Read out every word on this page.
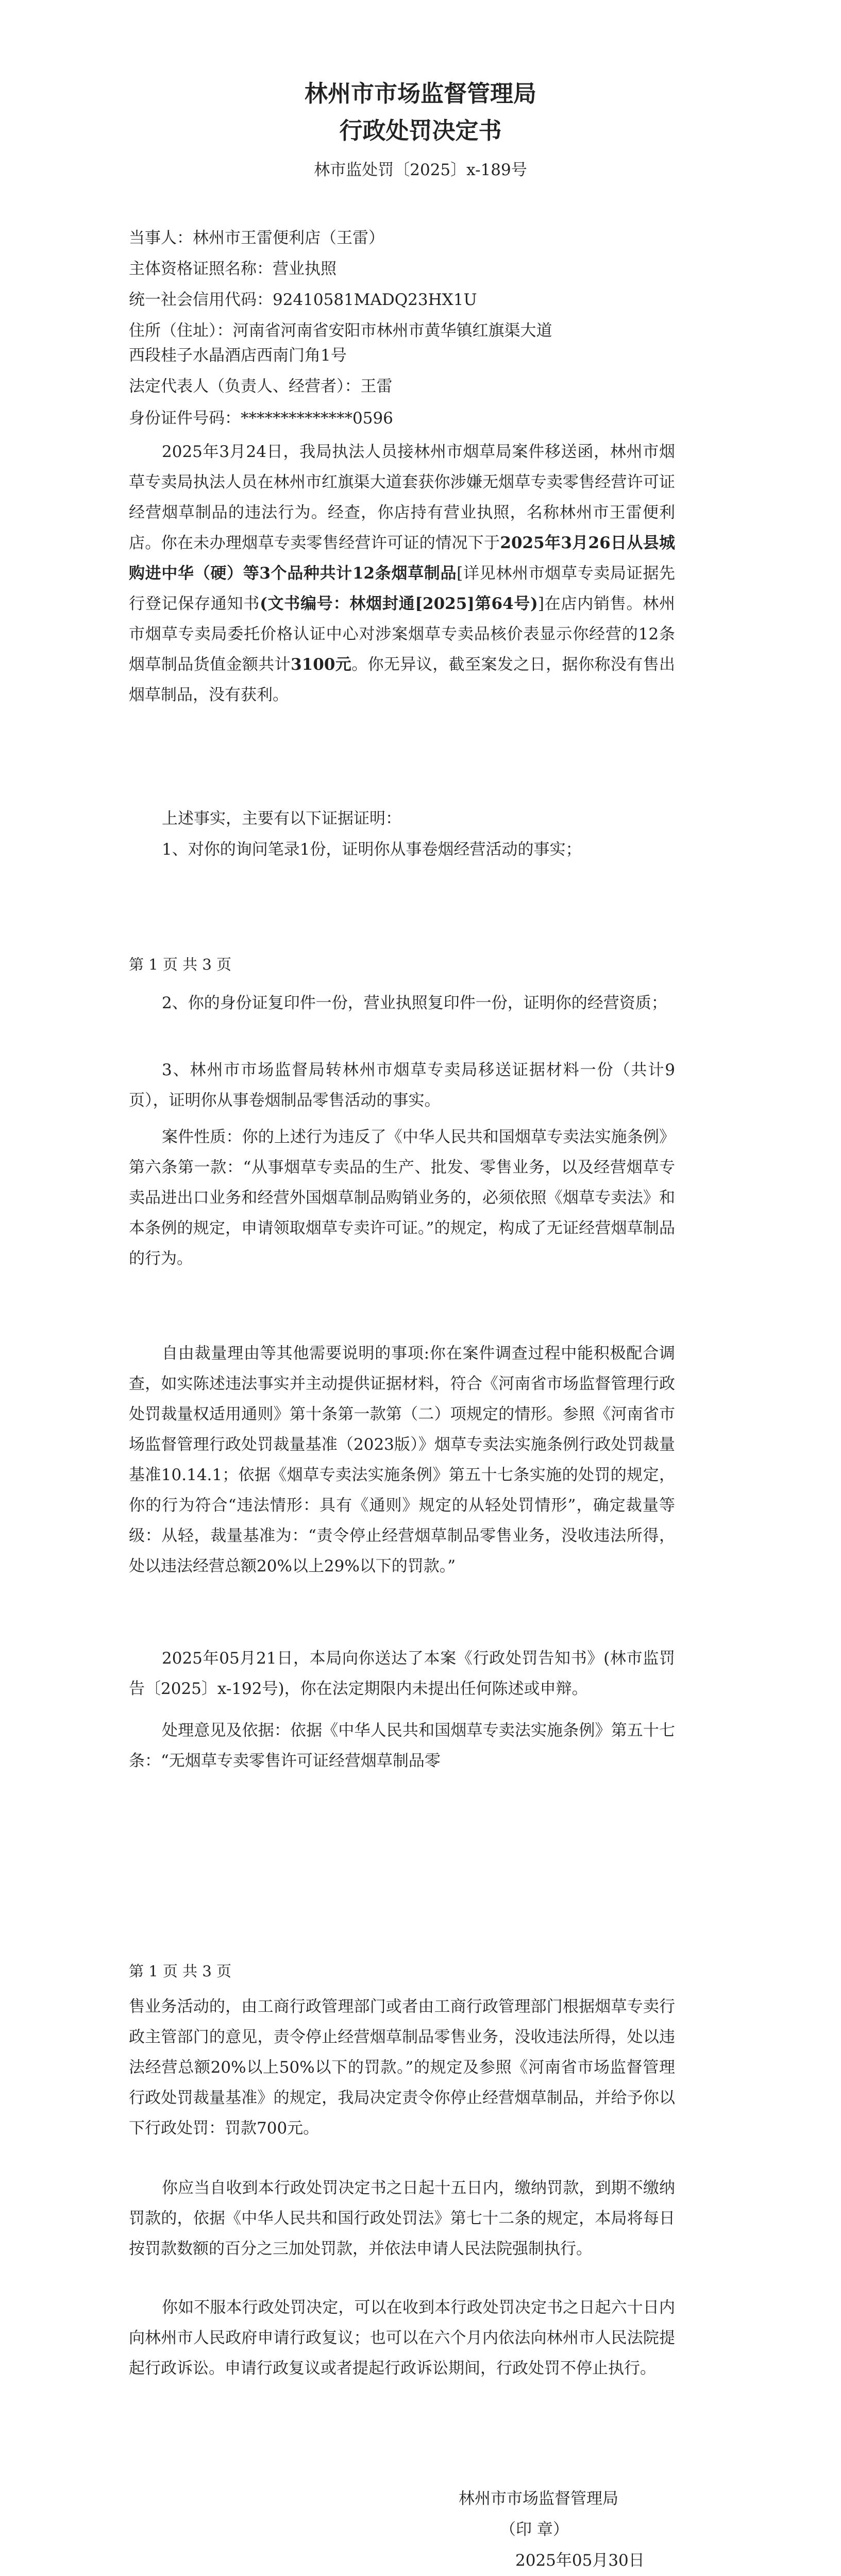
林州市市场监督管理局
行政处罚决定书
林市监处罚〔2025〕x-189号
当事人：林州市王雷便利店（王雷）
主体资格证照名称：营业执照
统一社会信用代码：92410581MADQ23HX1U
住所（住址）：河南省河南省安阳市林州市黄华镇红旗渠大道
西段桂子水晶酒店西南门角1号
法定代表人（负责人、经营者）：王雷
身份证件号码：**************0596

2025年3月24日，我局执法人员接林州市烟草局案件移送函，林州市烟草专卖局执法人员在林州市红旗渠大道套获你涉嫌无烟草专卖零售经营许可证经营烟草制品的违法行为。经查，你店持有营业执照，名称林州市王雷便利店。你在未办理烟草专卖零售经营许可证的情况下于2025年3月26日从县城购进中华（硬）等3个品种共计12条烟草制品[详见林州市烟草专卖局证据先行登记保存通知书(文书编号：林烟封通[2025]第64号)]在店内销售。林州市烟草专卖局委托价格认证中心对涉案烟草专卖品核价表显示你经营的12条烟草制品货值金额共计3100元。你无异议，截至案发之日，据你称没有售出烟草制品，没有获利。

上述事实，主要有以下证据证明：

1、对你的询问笔录1份，证明你从事卷烟经营活动的事实；

第 1 页 共 3 页

2、你的身份证复印件一份，营业执照复印件一份，证明你的经营资质；

3、林州市市场监督局转林州市烟草专卖局移送证据材料一份（共计9页），证明你从事卷烟制品零售活动的事实。

案件性质：你的上述行为违反了《中华人民共和国烟草专卖法实施条例》第六条第一款：“从事烟草专卖品的生产、批发、零售业务，以及经营烟草专卖品进出口业务和经营外国烟草制品购销业务的，必须依照《烟草专卖法》和本条例的规定，申请领取烟草专卖许可证。”的规定，构成了无证经营烟草制品的行为。

自由裁量理由等其他需要说明的事项:你在案件调查过程中能积极配合调查，如实陈述违法事实并主动提供证据材料，符合《河南省市场监督管理行政处罚裁量权适用通则》第十条第一款第（二）项规定的情形。参照《河南省市场监督管理行政处罚裁量基准（2023版）》烟草专卖法实施条例行政处罚裁量基准10.14.1；依据《烟草专卖法实施条例》第五十七条实施的处罚的规定，你的行为符合“违法情形：具有《通则》规定的从轻处罚情形”，确定裁量等级：从轻，裁量基准为：“责令停止经营烟草制品零售业务，没收违法所得，处以违法经营总额20%以上29%以下的罚款。”

2025年05月21日，本局向你送达了本案《行政处罚告知书》(林市监罚告〔2025〕x-192号)，你在法定期限内未提出任何陈述或申辩。

处理意见及依据：依据《中华人民共和国烟草专卖法实施条例》第五十七条：“无烟草专卖零售许可证经营烟草制品零

第 1 页 共 3 页

售业务活动的，由工商行政管理部门或者由工商行政管理部门根据烟草专卖行政主管部门的意见，责令停止经营烟草制品零售业务，没收违法所得，处以违法经营总额20%以上50%以下的罚款。”的规定及参照《河南省市场监督管理行政处罚裁量基准》的规定，我局决定责令你停止经营烟草制品，并给予你以下行政处罚：罚款700元。

你应当自收到本行政处罚决定书之日起十五日内，缴纳罚款，到期不缴纳罚款的，依据《中华人民共和国行政处罚法》第七十二条的规定，本局将每日按罚款数额的百分之三加处罚款，并依法申请人民法院强制执行。

你如不服本行政处罚决定，可以在收到本行政处罚决定书之日起六十日内向林州市人民政府申请行政复议；也可以在六个月内依法向林州市人民法院提起行政诉讼。申请行政复议或者提起行政诉讼期间，行政处罚不停止执行。

林州市市场监督管理局
（印 章）
2025年05月30日
